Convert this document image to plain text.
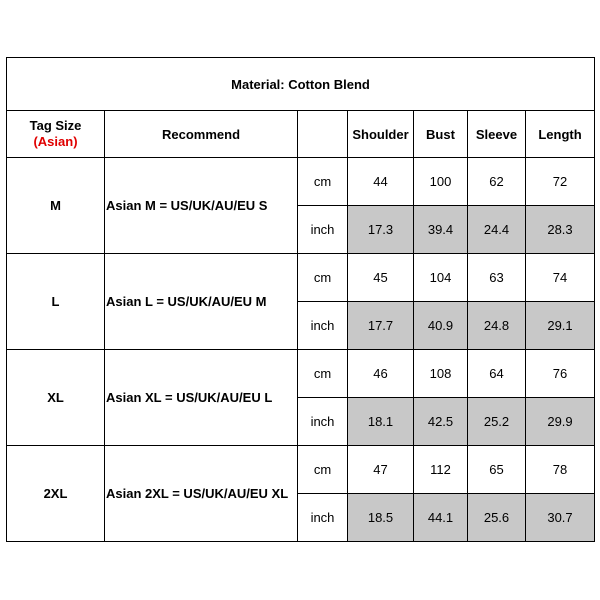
Material: Cotton Blend						
Tag Size
(Asian)	Recommend		Shoulder	Bust	Sleeve	Length
M	Asian M = US/UK/AU/EU S	cm	44	100	62	72
		inch	17.3	39.4	24.4	28.3
L	Asian L = US/UK/AU/EU M	cm	45	104	63	74
		inch	17.7	40.9	24.8	29.1
XL	Asian XL = US/UK/AU/EU L	cm	46	108	64	76
		inch	18.1	42.5	25.2	29.9
2XL	Asian 2XL = US/UK/AU/EU XL	cm	47	112	65	78
		inch	18.5	44.1	25.6	30.7
